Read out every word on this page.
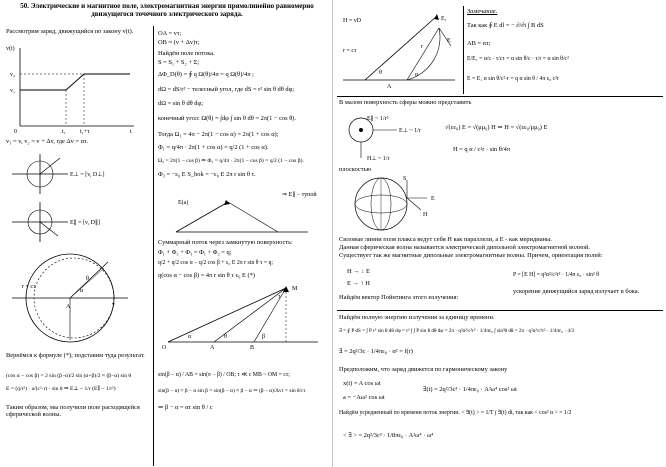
50. Электрические и магнитное поле, электромагнитная энергия прямолинейно равномерно движущегося точечного электрического заряда.
Рассмотрим заряд, движущийся по закону v(t).
v(t)
v₂
v₁
0	t₁ t₁+τ	t
v₁ = v, v₂ = v + Δv, где Δv = ατ.
E⊥ = [v, D⊥]
E∥ = [v, D∥]
r = cτ
α
θ
A	v
Вернёмся к формуле (*); подставим туда результат.
(cos α − cos β) = 2 sin (β−α)/2 sin (α+β)/2 ≈ (β−α) sin θ
E = (q/r²) · a/(c²·r) · sin θ ⇒ E⊥ ~ 1/r (E∥ ~ 1/r²)
Таким образом, мы получили поле расходящейся сферической волны.
OA = vτ;
OB ≈ (v + Δv)τ;
Найдём поле потока.
S = S₁ + S₂ + Σ;
ΔΦ_D(θ) = ∮ q Ω(θ)/4π = q Ω(θ)/4π ;
dΩ = dS/r² − телесный угол, где dS = r² sin θ dθ dφ;
dΩ = sin θ dθ dφ;
конечный угол: Ω(θ) = ∫dφ ∫ sin θ dθ = 2π(1 − cos θ).
Тогда Ω₁ = 4π − 2π(1 − cos α) = 2π(1 + cos α);
Φ₁ = q/4π · 2π(1 + cos α) = q/2 (1 + cos α).
Ω₂ = 2π(1 − cos β) ⇒ Φ₂ = q/4π · 2π(1 − cos β) = q/2 (1 − cos β).
Φ₃ = −ε₀ E S_bok = −ε₀ E 2π r sin θ τ.
E(a)
⇒ E∥ − тупой
Суммарный поток через замкнутую поверхность:
Φ₁ + Φ₂ + Φ₃ = Φ₁ + Φ₂ = q;
q/2 + q/2 cos α − q/2 cos β + ε₀ E 2π r sin θ τ = q;
q(cos α − cos β) = 4π r sin θ τ ε₀ E (*)
O	A	B
M
τ
θ
α	β
sin(β − α) / AB = sin(π − β) / OB; τ ≪ c MB ~ OM = cτ;
sin(β − α) ≈ β − α sin β = sin(β − α) ≈ β − α ⇒ (β − α)/Δvτ = sin θ/cτ
⇒ β − α = ατ sin θ / c
H = vD
r = cτ
E₁
E
A
α
θ
r
Замечание.
Так как ∮ E dl = − ∂/∂t ∫ B dS
AB = ατ;
E/E₁ = α/c · τ/cτ = α sin θ/c · τ/r = α sin θ/c²
E = E₁ α sin θ/c²·r = q α sin θ / 4π ε₀ c²r
В малом поверхность сферы можно представить
E∥ ~ 1/r²
E⊥ ~ 1/r
H⊥ ~ 1/r
√(εε₀) E = √(μμ₀) H ⇒ H = √(εε₀/μμ₀) E
H = q α / c²r · sin θ/4π
плоскостью
E
S
H
Силовые линии поля плакса ведут себя H как параллели, а E - как меридианы.
Данная сферическая волна называется электрической дипольной электромагнитной волной.
Существует так же магнитные дипольные электромагнитные волны. Причем, ориентация полей:
H → ↓ E
E → ↑ H
P = [E H] = q²α²/c²r² · 1/4π ε₀ · sin² θ
Найдём вектор Пойнтинга этого излучения:
ускорение движущийся заряд излучает в бока.
Найдём полную энергию излучения за единицу времени.
∃ = ∮ P dS = ∫ P r² sin θ dθ dφ = r² ∫ ∫ P sin θ dθ dφ = 2π · q²α²/c²r² · 1/4πε₀ ∫ sin³θ dθ = 2π · q²α²/c²r² · 1/4πε₀ · 4/3
∃ = 2q²/3c · 1/4πε₀ · α² = f(r)
Предположим, что заряд движется по гармоническому закону
x(t) = A cos ωt
a = −Aω² cos ωt
∃(t) = 2q²/3c³ · 1/4πε₀ · A²ω⁴ cos² ωt
Найдём усредненный по времени поток энергии. < ∃(t) > = 1/T ∫ ∃(t) dt, так как < cos² α > = 1/2
< ∃ > = 2q²/3c³ · 1/8πε₀ · A²ω⁴ · ω⁴
